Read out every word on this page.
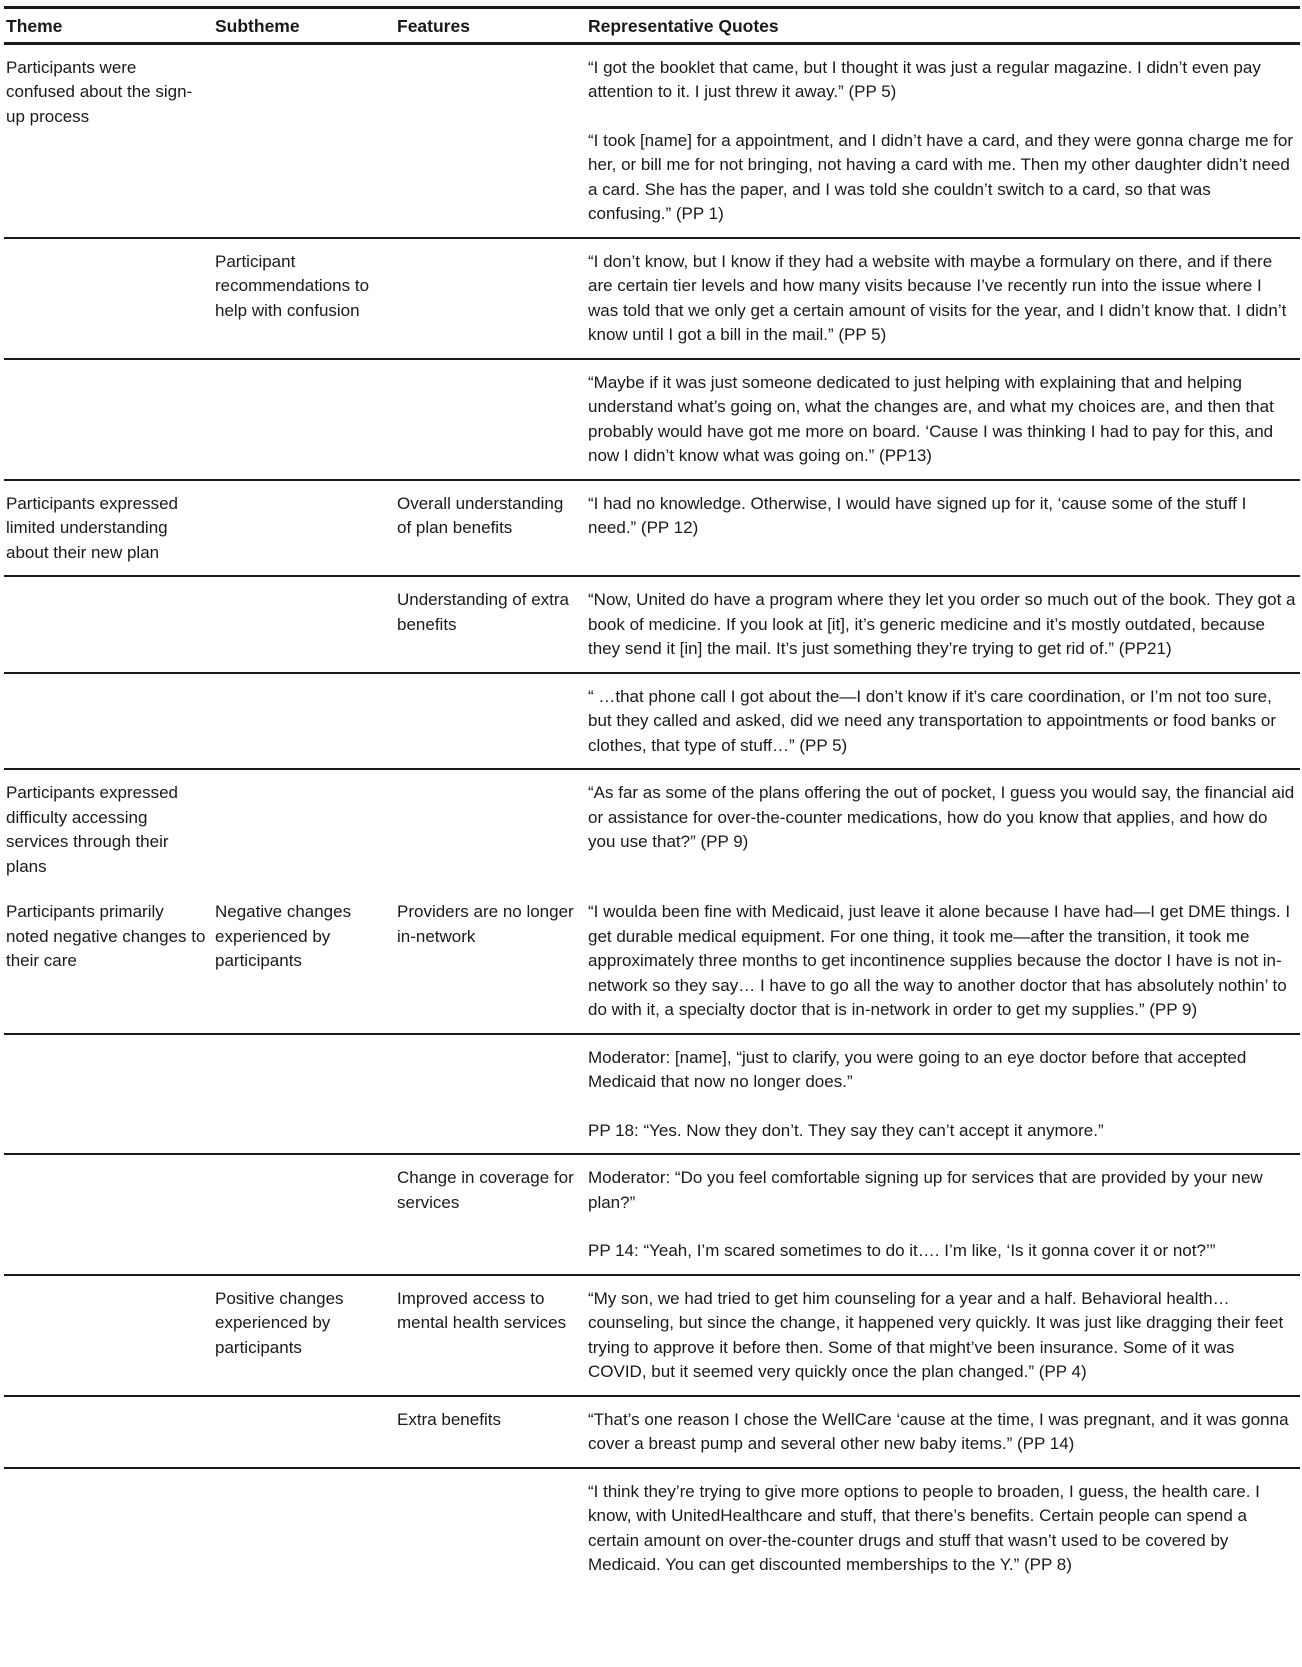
Theme	Subtheme	Features	Representative Quotes
Participants were confused about the sign-up process			“I got the booklet that came, but I thought it was just a regular magazine. I didn’t even pay attention to it. I just threw it away.” (PP 5)

“I took [name] for a appointment, and I didn’t have a card, and they were gonna charge me for her, or bill me for not bringing, not having a card with me. Then my other daughter didn’t need a card. She has the paper, and I was told she couldn’t switch to a card, so that was confusing.” (PP 1)

	Participant recommendations to help with confusion		“I don’t know, but I know if they had a website with maybe a formulary on there, and if there are certain tier levels and how many visits because I’ve recently run into the issue where I was told that we only get a certain amount of visits for the year, and I didn’t know that. I didn’t know until I got a bill in the mail.” (PP 5)

			“Maybe if it was just someone dedicated to just helping with explaining that and helping understand what’s going on, what the changes are, and what my choices are, and then that probably would have got me more on board. ‘Cause I was thinking I had to pay for this, and now I didn’t know what was going on.” (PP13)

Participants expressed limited understanding about their new plan		Overall understanding of plan benefits	“I had no knowledge. Otherwise, I would have signed up for it, ‘cause some of the stuff I need.” (PP 12)

		Understanding of extra benefits	“Now, United do have a program where they let you order so much out of the book. They got a book of medicine. If you look at [it], it’s generic medicine and it’s mostly outdated, because they send it [in] the mail. It’s just something they’re trying to get rid of.” (PP21)

			“ …that phone call I got about the—I don’t know if it’s care coordination, or I’m not too sure, but they called and asked, did we need any transportation to appointments or food banks or clothes, that type of stuff…” (PP 5)

Participants expressed difficulty accessing services through their plans			“As far as some of the plans offering the out of pocket, I guess you would say, the financial aid or assistance for over-the-counter medications, how do you know that applies, and how do you use that?” (PP 9)

Participants primarily noted negative changes to their care	Negative changes experienced by participants	Providers are no longer in-network	“I woulda been fine with Medicaid, just leave it alone because I have had—I get DME things. I get durable medical equipment. For one thing, it took me—after the transition, it took me approximately three months to get incontinence supplies because the doctor I have is not in-network so they say… I have to go all the way to another doctor that has absolutely nothin’ to do with it, a specialty doctor that is in-network in order to get my supplies.” (PP 9)

			Moderator: [name], “just to clarify, you were going to an eye doctor before that accepted Medicaid that now no longer does.”

PP 18: “Yes. Now they don’t. They say they can’t accept it anymore.”

		Change in coverage for services	Moderator: “Do you feel comfortable signing up for services that are provided by your new plan?”

PP 14: “Yeah, I’m scared sometimes to do it…. I’m like, ‘Is it gonna cover it or not?’”

	Positive changes experienced by participants	Improved access to mental health services	“My son, we had tried to get him counseling for a year and a half. Behavioral health… counseling, but since the change, it happened very quickly. It was just like dragging their feet trying to approve it before then. Some of that might’ve been insurance. Some of it was COVID, but it seemed very quickly once the plan changed.” (PP 4)

		Extra benefits	“That’s one reason I chose the WellCare ‘cause at the time, I was pregnant, and it was gonna cover a breast pump and several other new baby items.” (PP 14)

			“I think they’re trying to give more options to people to broaden, I guess, the health care. I know, with UnitedHealthcare and stuff, that there’s benefits. Certain people can spend a certain amount on over-the-counter drugs and stuff that wasn’t used to be covered by Medicaid. You can get discounted memberships to the Y.” (PP 8)
